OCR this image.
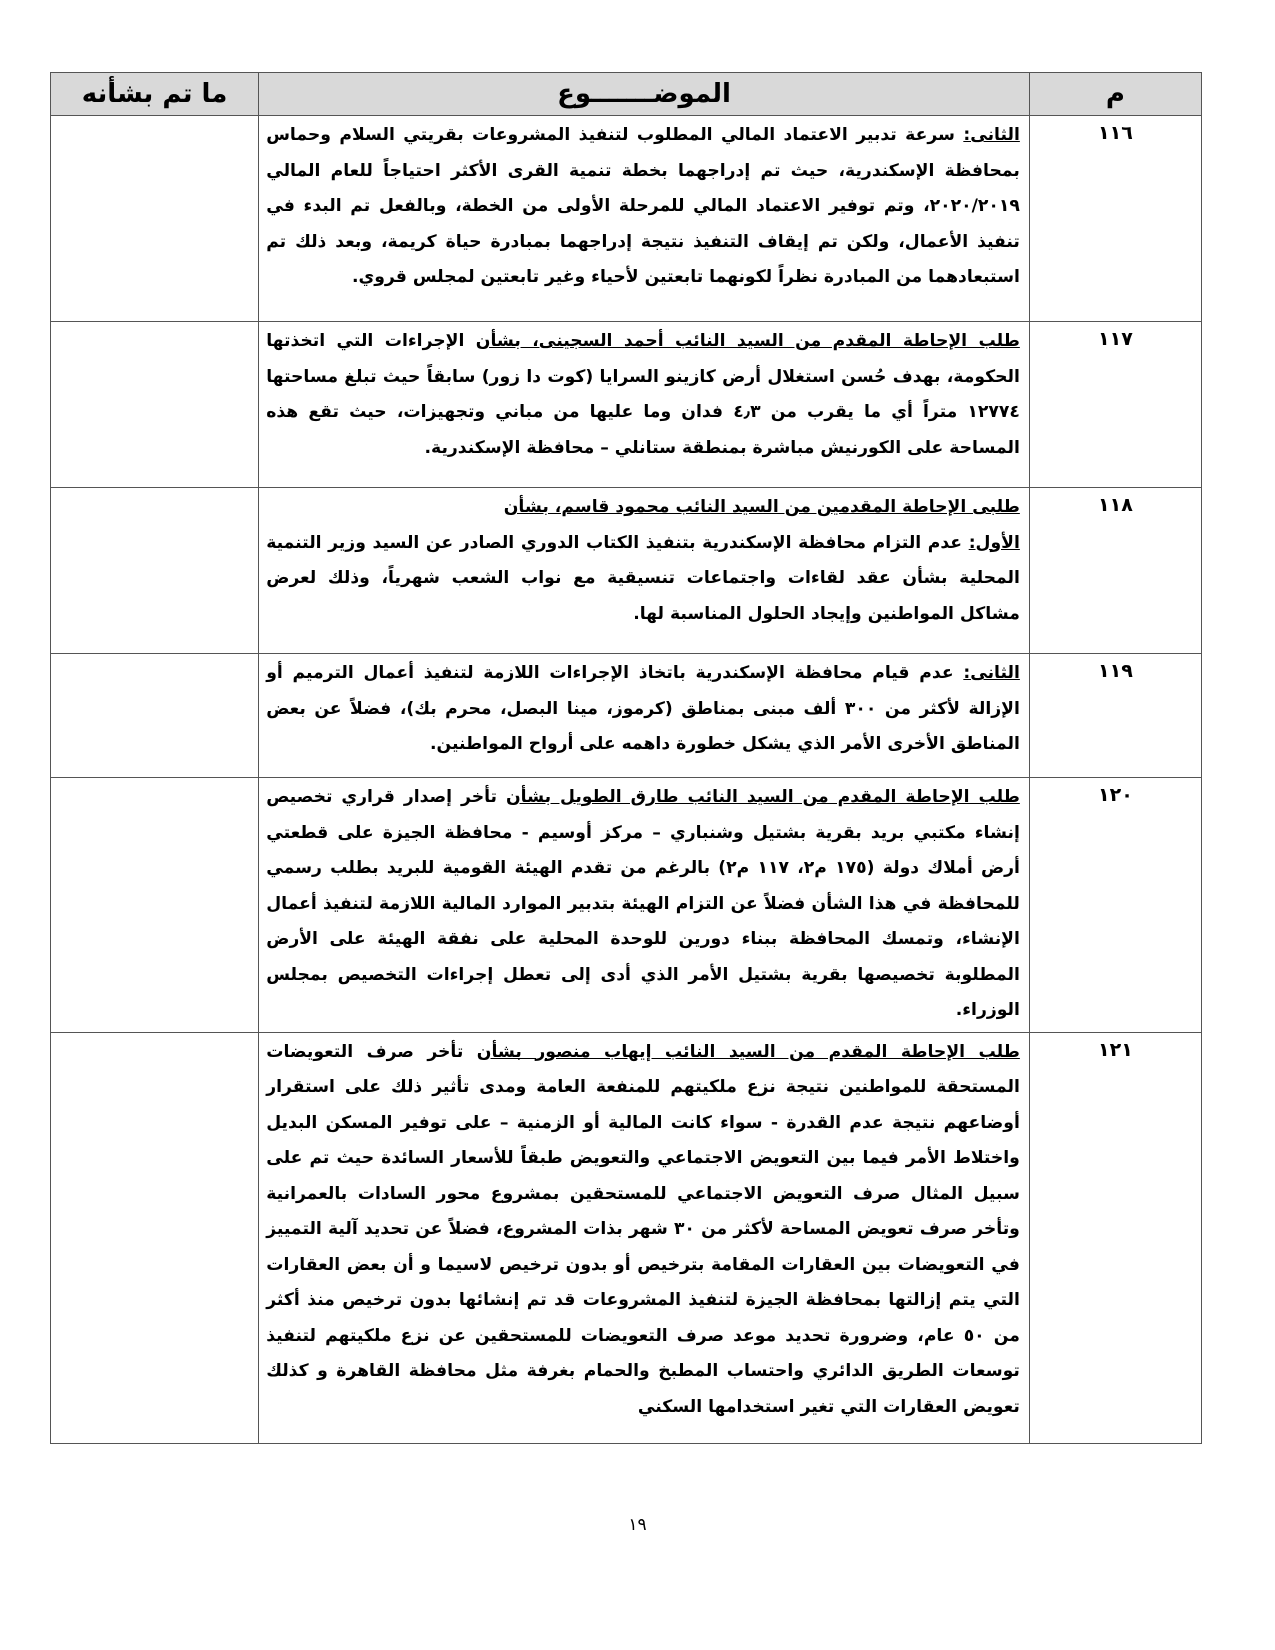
م	الموضـــــــوع	ما تم بشأنه
١١٦	الثانى: سرعة تدبير الاعتماد المالي المطلوب لتنفيذ المشروعات بقريتي السلام وحماس بمحافظة الإسكندرية، حيث تم إدراجهما بخطة تنمية القرى الأكثر احتياجاً للعام المالي ٢٠٢٠/٢٠١٩، وتم توفير الاعتماد المالي للمرحلة الأولى من الخطة، وبالفعل تم البدء في تنفيذ الأعمال، ولكن تم إيقاف التنفيذ نتيجة إدراجهما بمبادرة حياة كريمة، وبعد ذلك تم استبعادهما من المبادرة نظراً لكونهما تابعتين لأحياء وغير تابعتين لمجلس قروي.	
١١٧	طلب الإحاطة المقدم من السيد النائب أحمد السجينى، بشأن الإجراءات التي اتخذتها الحكومة، بهدف حُسن استغلال أرض كازينو السرايا (كوت دا زور) سابقاً حيث تبلغ مساحتها ١٢٧٧٤ متراً أي ما يقرب من ٤٫٣ فدان وما عليها من مباني وتجهيزات، حيث تقع هذه المساحة على الكورنيش مباشرة بمنطقة ستانلي – محافظة الإسكندرية.	
١١٨	طلبى الإحاطة المقدمين من السيد النائب محمود قاسم، بشأن
الأول: عدم التزام محافظة الإسكندرية بتنفيذ الكتاب الدوري الصادر عن السيد وزير التنمية المحلية بشأن عقد لقاءات واجتماعات تنسيقية مع نواب الشعب شهرياً، وذلك لعرض مشاكل المواطنين وإيجاد الحلول المناسبة لها.	
١١٩	الثانى: عدم قيام محافظة الإسكندرية باتخاذ الإجراءات اللازمة لتنفيذ أعمال الترميم أو الإزالة لأكثر من ٣٠٠ ألف مبنى بمناطق (كرموز، مينا البصل، محرم بك)، فضلاً عن بعض المناطق الأخرى الأمر الذي يشكل خطورة داهمه على أرواح المواطنين.	
١٢٠	طلب الإحاطة المقدم من السيد النائب طارق الطويل بشأن تأخر إصدار قراري تخصيص إنشاء مكتبي بريد بقرية بشتيل وشنباري – مركز أوسيم - محافظة الجيزة على قطعتي أرض أملاك دولة (١٧٥ م٢، ١١٧ م٢) بالرغم من تقدم الهيئة القومية للبريد بطلب رسمي للمحافظة في هذا الشأن فضلاً عن التزام الهيئة بتدبير الموارد المالية اللازمة لتنفيذ أعمال الإنشاء، وتمسك المحافظة ببناء دورين للوحدة المحلية على نفقة الهيئة على الأرض المطلوبة تخصيصها بقرية بشتيل الأمر الذي أدى إلى تعطل إجراءات التخصيص بمجلس الوزراء.	
١٢١	طلب الإحاطة المقدم من السيد النائب إيهاب منصور بشأن تأخر صرف التعويضات المستحقة للمواطنين نتيجة نزع ملكيتهم للمنفعة العامة ومدى تأثير ذلك على استقرار أوضاعهم نتيجة عدم القدرة - سواء كانت المالية أو الزمنية – على توفير المسكن البديل واختلاط الأمر فيما بين التعويض الاجتماعي والتعويض طبقاً للأسعار السائدة حيث تم على سبيل المثال صرف التعويض الاجتماعي للمستحقين بمشروع محور السادات بالعمرانية وتأخر صرف تعويض المساحة لأكثر من ٣٠ شهر بذات المشروع، فضلاً عن تحديد آلية التمييز في التعويضات بين العقارات المقامة بترخيص أو بدون ترخيص لاسيما و أن بعض العقارات التي يتم إزالتها بمحافظة الجيزة لتنفيذ المشروعات قد تم إنشائها بدون ترخيص منذ أكثر من ٥٠ عام، وضرورة تحديد موعد صرف التعويضات للمستحقين عن نزع ملكيتهم لتنفيذ توسعات الطريق الدائري واحتساب المطبخ والحمام بغرفة مثل محافظة القاهرة و كذلك تعويض العقارات التي تغير استخدامها السكني	
١٩
